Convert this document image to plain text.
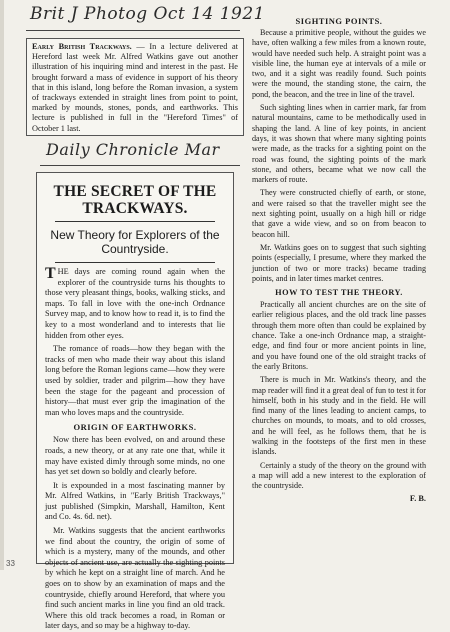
Brit J Photog Oct 14 1921

Early British Trackways. — In a lecture delivered at Hereford last week Mr. Alfred Watkins gave out another illustration of his inquiring mind and interest in the past. He brought forward a mass of evidence in support of his theory that in this island, long before the Roman invasion, a system of trackways extended in straight lines from point to point, marked by mounds, stones, ponds, and earthworks. This lecture is published in full in the "Hereford Times" of October 1 last.

Daily Chronicle Mar
THE SECRET OF THE
TRACKWAYS.
New Theory for Explorers of the Countryside.

THE days are coming round again when the explorer of the countryside turns his thoughts to those very pleasant things, books, walking sticks, and maps. To fall in love with the one-inch Ordnance Survey map, and to know how to read it, is to find the key to a most wonderland and to interests that lie hidden from other eyes.

The romance of roads—how they began with the tracks of men who made their way about this island long before the Roman legions came—how they were used by soldier, trader and pilgrim—how they have been the stage for the pageant and procession of history—that must ever grip the imagination of the man who loves maps and the countryside.

ORIGIN OF EARTHWORKS.

Now there has been evolved, on and around these roads, a new theory, or at any rate one that, while it may have existed dimly through some minds, no one has yet set down so boldly and clearly before.

It is expounded in a most fascinating manner by Mr. Alfred Watkins, in "Early British Trackways," just published (Simpkin, Marshall, Hamilton, Kent and Co. 4s. 6d. net).

Mr. Watkins suggests that the ancient earthworks we find about the country, the origin of some of which is a mystery, many of the mounds, and other objects of ancient use, are actually the sighting points by which he kept on a straight line of march. And he goes on to show by an examination of maps and the countryside, chiefly around Hereford, that where you find such ancient marks in line you find an old track. Where this old track becomes a road, in Roman or later days, and so may be a highway to-day.

SIGHTING POINTS.

Because a primitive people, without the guides we have, often walking a few miles from a known route, would have needed such help. A straight point was a visible line, the human eye at intervals of a mile or two, and it a sight was readily found. Such points were the mound, the standing stone, the cairn, the pond, the beacon, and the tree in line of the travel.

Such sighting lines when in carrier mark, far from natural mountains, came to be methodically used in shaping the land. A line of key points, in ancient days, it was shown that where many sighting points were made, as the tracks for a sighting point on the road was found, the sighting points of the mark stone, and others, became what we now call the markers of route.

They were constructed chiefly of earth, or stone, and were raised so that the traveller might see the next sighting point, usually on a high hill or ridge that gave a wide view, and so on from beacon to beacon hill.

Mr. Watkins goes on to suggest that such sighting points (especially, I presume, where they marked the junction of two or more tracks) became trading points, and in later times market centres.

HOW TO TEST THE THEORY.

Practically all ancient churches are on the site of earlier religious places, and the old track line passes through them more often than could be explained by chance. Take a one-inch Ordnance map, a straight-edge, and find four or more ancient points in line, and you have found one of the old straight tracks of the early Britons.

There is much in Mr. Watkins's theory, and the map reader will find it a great deal of fun to test it for himself, both in his study and in the field. He will find many of the lines leading to ancient camps, to churches on mounds, to moats, and to old crosses, and he will feel, as he follows them, that he is walking in the footsteps of the first men in these islands.

Certainly a study of the theory on the ground with a map will add a new interest to the exploration of the countryside.

F. B.
33
